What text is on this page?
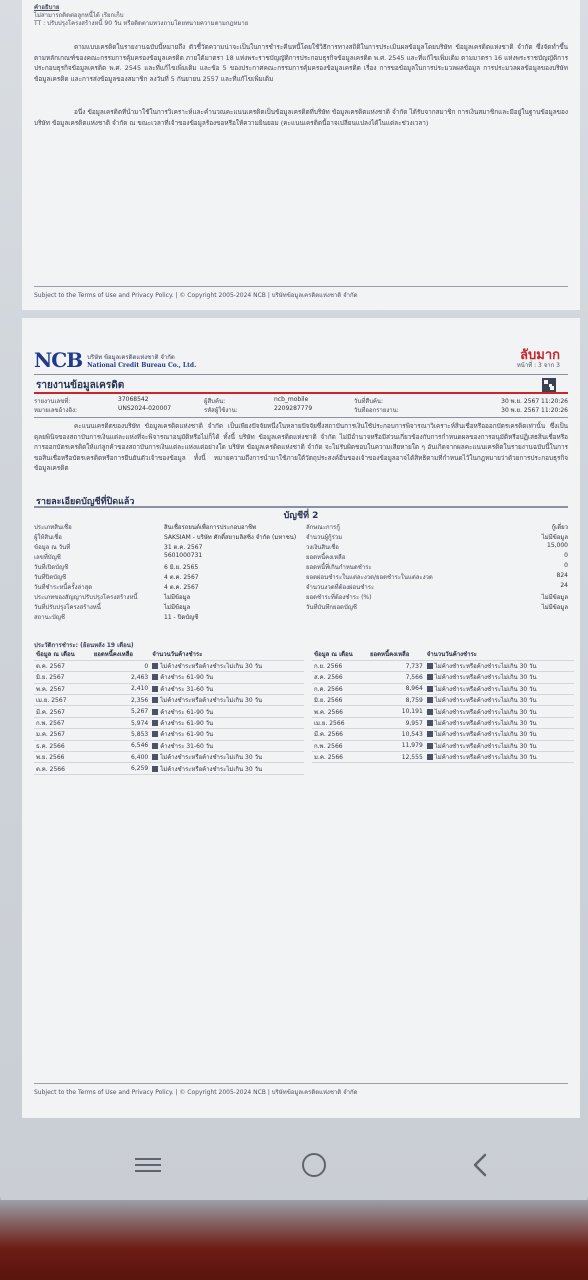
คำอธิบาย
ไม่สามารถติดต่อลูกหนี้ได้ เรียกเก็บ
TT : ปรับปรุงโครงสร้างหนี้ 90 วัน หรือติดตามทวงถามโดยทนายความตามกฎหมาย
ตามแบบเครดิตในรายงานฉบับนี้หมายถึง ตัวชี้วัดความน่าจะเป็นในการชำระคืนหนี้โดยใช้วิธีการทางสถิติในการประเมินผลข้อมูลโดยบริษัท ข้อมูลเครดิตแห่งชาติ จำกัด ซึ่งจัดทำขึ้นตามหลักเกณฑ์ของคณะกรรมการคุ้มครองข้อมูลเครดิต ภายใต้มาตรา 18 แห่งพระราชบัญญัติการประกอบธุรกิจข้อมูลเครดิต พ.ศ. 2545 และที่แก้ไขเพิ่มเติม ตามมาตรา 16 แห่งพระราชบัญญัติการประกอบธุรกิจข้อมูลเครดิต พ.ศ. 2545 และที่แก้ไขเพิ่มเติม และข้อ 5 ของประกาศคณะกรรมการคุ้มครองข้อมูลเครดิต เรื่อง การขอข้อมูลในการประมวลผลข้อมูล การประมวลผลข้อมูลของบริษัทข้อมูลเครดิต และการส่งข้อมูลของสมาชิก ลงวันที่ 5 กันยายน 2557 และที่แก้ไขเพิ่มเติม
อนึ่ง ข้อมูลเครดิตที่นำมาใช้ในการวิเคราะห์และคำนวณคะแนนเครดิตเป็นข้อมูลเครดิตที่บริษัท ข้อมูลเครดิตแห่งชาติ จำกัด ได้รับจากสมาชิก การเงินสมาชิกและมีอยู่ในฐานข้อมูลของบริษัท ข้อมูลเครดิตแห่งชาติ จำกัด ณ ขณะเวลาที่เจ้าของข้อมูลร้องขอหรือให้ความยินยอม (คะแนนเครดิตนี้อาจเปลี่ยนแปลงได้ในแต่ละช่วงเวลา)
Subject to the Terms of Use and Privacy Policy. | © Copyright 2005-2024 NCB | บริษัทข้อมูลเครดิตแห่งชาติ จำกัด
NCB บริษัท ข้อมูลเครดิตแห่งชาติ จำกัด
National Credit Bureau Co., Ltd.
ลับมาก
หน้าที่ : 3 จาก 3
รายงานข้อมูลเครดิต
รายงานเลขที่:	37068542
หมายเลขอ้างอิง:	UNS2024-020007
ผู้สืบค้น:	ncb_mobile
รหัสผู้ใช้งาน:	2209287779
วันที่สืบค้น:	30 พ.ย. 2567 11:20:26
วันที่ออกรายงาน:	30 พ.ย. 2567 11:20:26
คะแนนเครดิตของบริษัท ข้อมูลเครดิตแห่งชาติ จำกัด เป็นเพียงปัจจัยหนึ่งในหลายปัจจัยซึ่งสถาบันการเงินใช้ประกอบการพิจารณาวิเคราะห์สินเชื่อหรือออกบัตรเครดิตเท่านั้น ซึ่งเป็นดุลยพินิจของสถาบันการเงินแต่ละแห่งที่จะพิจารณาอนุมัติหรือไม่ก็ได้ ทั้งนี้ บริษัท ข้อมูลเครดิตแห่งชาติ จำกัด ไม่มีอำนาจหรือมีส่วนเกี่ยวข้องกับการกำหนดผลของการอนุมัติหรือปฏิเสธสินเชื่อหรือการออกบัตรเครดิตให้แก่ลูกค้าของสถาบันการเงินแต่ละแห่งแต่อย่างใด บริษัท ข้อมูลเครดิตแห่งชาติ จำกัด จะไม่รับผิดชอบในความเสียหายใด ๆ อันเกิดจากผลคะแนนเครดิตในรายงานฉบับนี้ในการขอสินเชื่อหรือบัตรเครดิตหรือการยืนยันตัวเจ้าของข้อมูล ทั้งนี้ หมายความถึงการนำมาใช้ภายใต้วัตถุประสงค์อื่นของเจ้าของข้อมูลอาจได้สิทธิตามที่กำหนดไว้ในกฎหมายว่าด้วยการประกอบธุรกิจข้อมูลเครดิต
รายละเอียดบัญชีที่ปิดแล้ว
บัญชีที่ 2
ประเภทสินเชื่อ	สินเชื่อรถยนต์เพื่อการประกอบอาชีพ
ผู้ให้สินเชื่อ	SAKSIAM - บริษัท ศักดิ์สยามลิสซิ่ง จำกัด (มหาชน)
ข้อมูล ณ วันที่	31 ต.ค. 2567
เลขที่บัญชี	5601000731
วันที่เปิดบัญชี	6 มิ.ย. 2565
วันที่ปิดบัญชี	4 ต.ค. 2567
วันที่ชำระหนี้ครั้งล่าสุด	4 ต.ค. 2567
ประเภทของสัญญาปรับปรุงโครงสร้างหนี้	ไม่มีข้อมูล
วันที่ปรับปรุงโครงสร้างหนี้	ไม่มีข้อมูล
สถานะบัญชี	11 - ปิดบัญชี
ลักษณะการกู้	กู้เดี่ยว
จำนวนผู้กู้ร่วม	ไม่มีข้อมูล
วงเงินสินเชื่อ	15,000
ยอดหนี้คงเหลือ	0
ยอดหนี้ที่เกินกำหนดชำระ	0
ยอดผ่อนชำระในแต่ละงวด/ยอดชำระในแต่ละงวด	824
จำนวนงวดที่ต้องผ่อนชำระ	24
ยอดชำระที่ต้องชำระ (%)	ไม่มีข้อมูล
วันที่บันทึกยอดบัญชี	ไม่มีข้อมูล
ประวัติการชำระ: (ย้อนหลัง 19 เดือน)
ข้อมูล ณ เดือน	ยอดหนี้คงเหลือ	จำนวนวันค้างชำระ
ต.ค. 2567	0	ไม่ค้างชำระหรือค้างชำระไม่เกิน 30 วัน
มิ.ย. 2567	2,463	ค้างชำระ 61-90 วัน
พ.ค. 2567	2,410	ค้างชำระ 31-60 วัน
เม.ย. 2567	2,356	ไม่ค้างชำระหรือค้างชำระไม่เกิน 30 วัน
มี.ค. 2567	5,267	ค้างชำระ 61-90 วัน
ก.พ. 2567	5,974	ค้างชำระ 61-90 วัน
ม.ค. 2567	5,853	ค้างชำระ 61-90 วัน
ธ.ค. 2566	6,546	ค้างชำระ 31-60 วัน
พ.ย. 2566	6,400	ไม่ค้างชำระหรือค้างชำระไม่เกิน 30 วัน
ต.ค. 2566	6,259	ไม่ค้างชำระหรือค้างชำระไม่เกิน 30 วัน
ข้อมูล ณ เดือน	ยอดหนี้คงเหลือ	จำนวนวันค้างชำระ
ก.ย. 2566	7,737	ไม่ค้างชำระหรือค้างชำระไม่เกิน 30 วัน
ส.ค. 2566	7,566	ไม่ค้างชำระหรือค้างชำระไม่เกิน 30 วัน
ก.ค. 2566	8,964	ไม่ค้างชำระหรือค้างชำระไม่เกิน 30 วัน
มิ.ย. 2566	8,759	ไม่ค้างชำระหรือค้างชำระไม่เกิน 30 วัน
พ.ค. 2566	10,191	ไม่ค้างชำระหรือค้างชำระไม่เกิน 30 วัน
เม.ย. 2566	9,957	ไม่ค้างชำระหรือค้างชำระไม่เกิน 30 วัน
มี.ค. 2566	10,543	ไม่ค้างชำระหรือค้างชำระไม่เกิน 30 วัน
ก.พ. 2566	11,979	ไม่ค้างชำระหรือค้างชำระไม่เกิน 30 วัน
ม.ค. 2566	12,555	ไม่ค้างชำระหรือค้างชำระไม่เกิน 30 วัน
Subject to the Terms of Use and Privacy Policy. | © Copyright 2005-2024 NCB | บริษัทข้อมูลเครดิตแห่งชาติ จำกัด
